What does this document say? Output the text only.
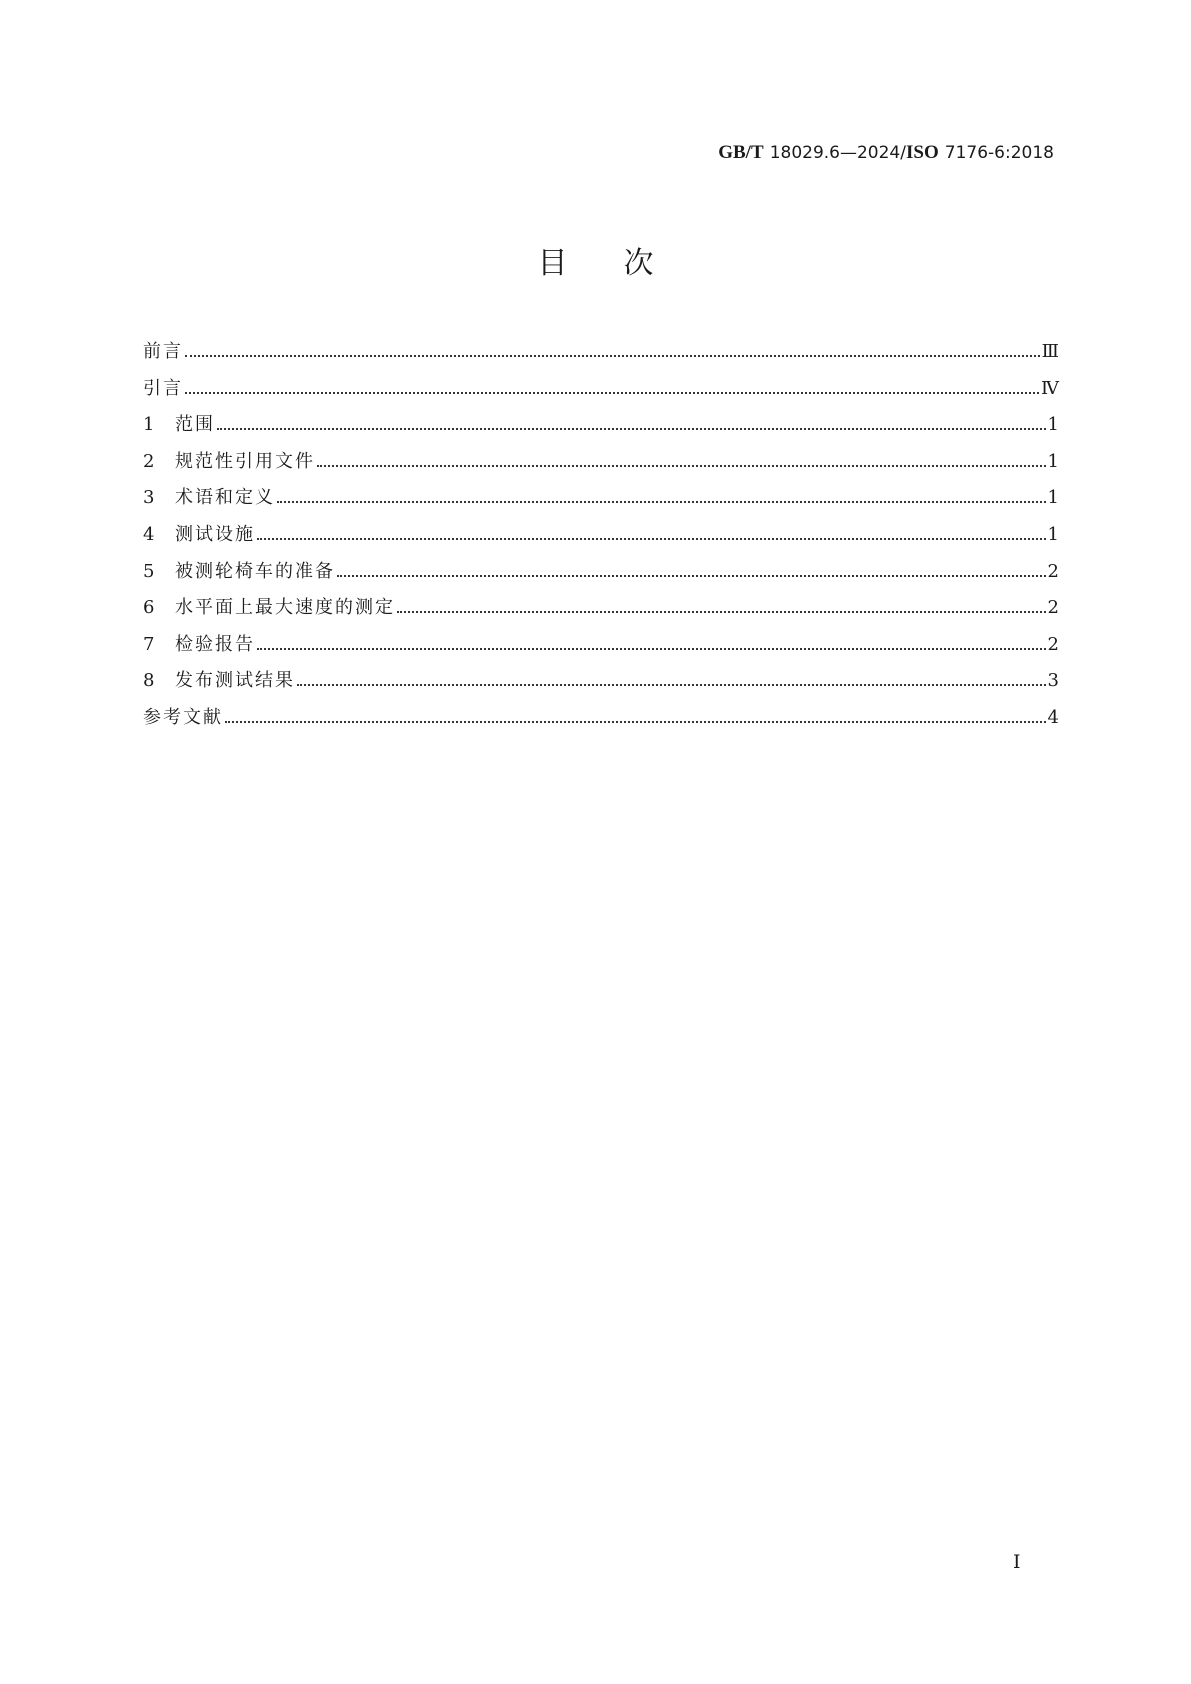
GB/T 18029.6—2024/ISO 7176-6:2018
目 次
前言	Ⅲ
引言	Ⅳ
1	范围	1
2	规范性引用文件	1
3	术语和定义	1
4	测试设施	1
5	被测轮椅车的准备	2
6	水平面上最大速度的测定	2
7	检验报告	2
8	发布测试结果	3
参考文献	4
I
